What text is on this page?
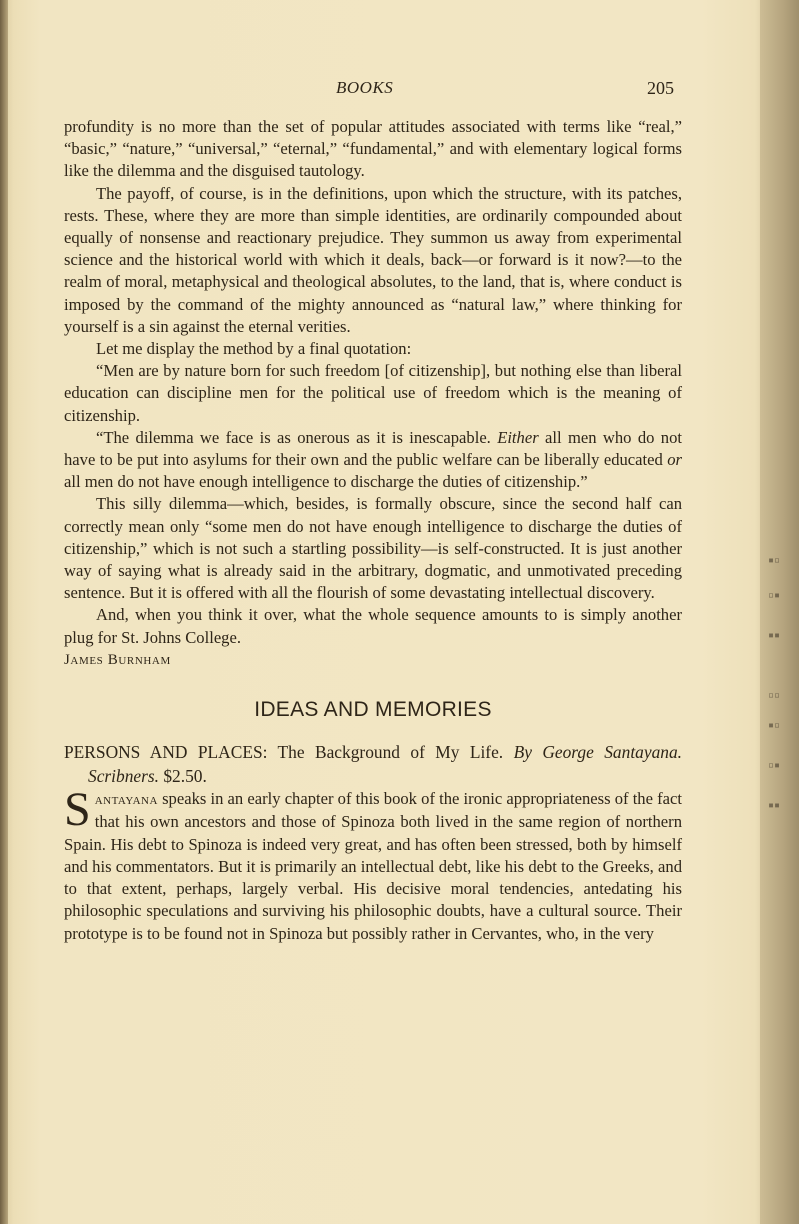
BOOKS	205

profundity is no more than the set of popular attitudes associated with terms like “real,” “basic,” “nature,” “universal,” “eternal,” “fundamental,” and with elementary logical forms like the dilemma and the disguised tautology.

The payoff, of course, is in the definitions, upon which the structure, with its patches, rests. These, where they are more than simple identities, are ordinarily compounded about equally of nonsense and reactionary prejudice. They summon us away from experimental science and the historical world with which it deals, back—or forward is it now?—to the realm of moral, metaphysical and theological absolutes, to the land, that is, where conduct is imposed by the command of the mighty announced as “natural law,” where thinking for yourself is a sin against the eternal verities.

Let me display the method by a final quotation:

“Men are by nature born for such freedom [of citizenship], but nothing else than liberal education can discipline men for the political use of freedom which is the meaning of citizenship.

“The dilemma we face is as onerous as it is inescapable. Either all men who do not have to be put into asylums for their own and the public welfare can be liberally educated or all men do not have enough intelligence to discharge the duties of citizenship.”

This silly dilemma—which, besides, is formally obscure, since the second half can correctly mean only “some men do not have enough intelligence to discharge the duties of citizenship,” which is not such a startling possibility—is self-constructed. It is just another way of saying what is already said in the arbitrary, dogmatic, and unmotivated preceding sentence. But it is offered with all the flourish of some devastating intellectual discovery.

And, when you think it over, what the whole sequence amounts to is simply another plug for St. Johns College.

James Burnham

IDEAS AND MEMORIES

PERSONS AND PLACES: The Background of My Life. By George Santayana. Scribners. $2.50.

Santayana speaks in an early chapter of this book of the ironic appropriateness of the fact that his own ancestors and those of Spinoza both lived in the same region of northern Spain. His debt to Spinoza is indeed very great, and has often been stressed, both by himself and his commentators. But it is primarily an intellectual debt, like his debt to the Greeks, and to that extent, perhaps, largely verbal. His decisive moral tendencies, antedating his philosophic speculations and surviving his philosophic doubts, have a cultural source. Their prototype is to be found not in Spinoza but possibly rather in Cervantes, who, in the very

▪▫
▫▪
▪▪
▫▫
▪▫
▫▪
▪▪
